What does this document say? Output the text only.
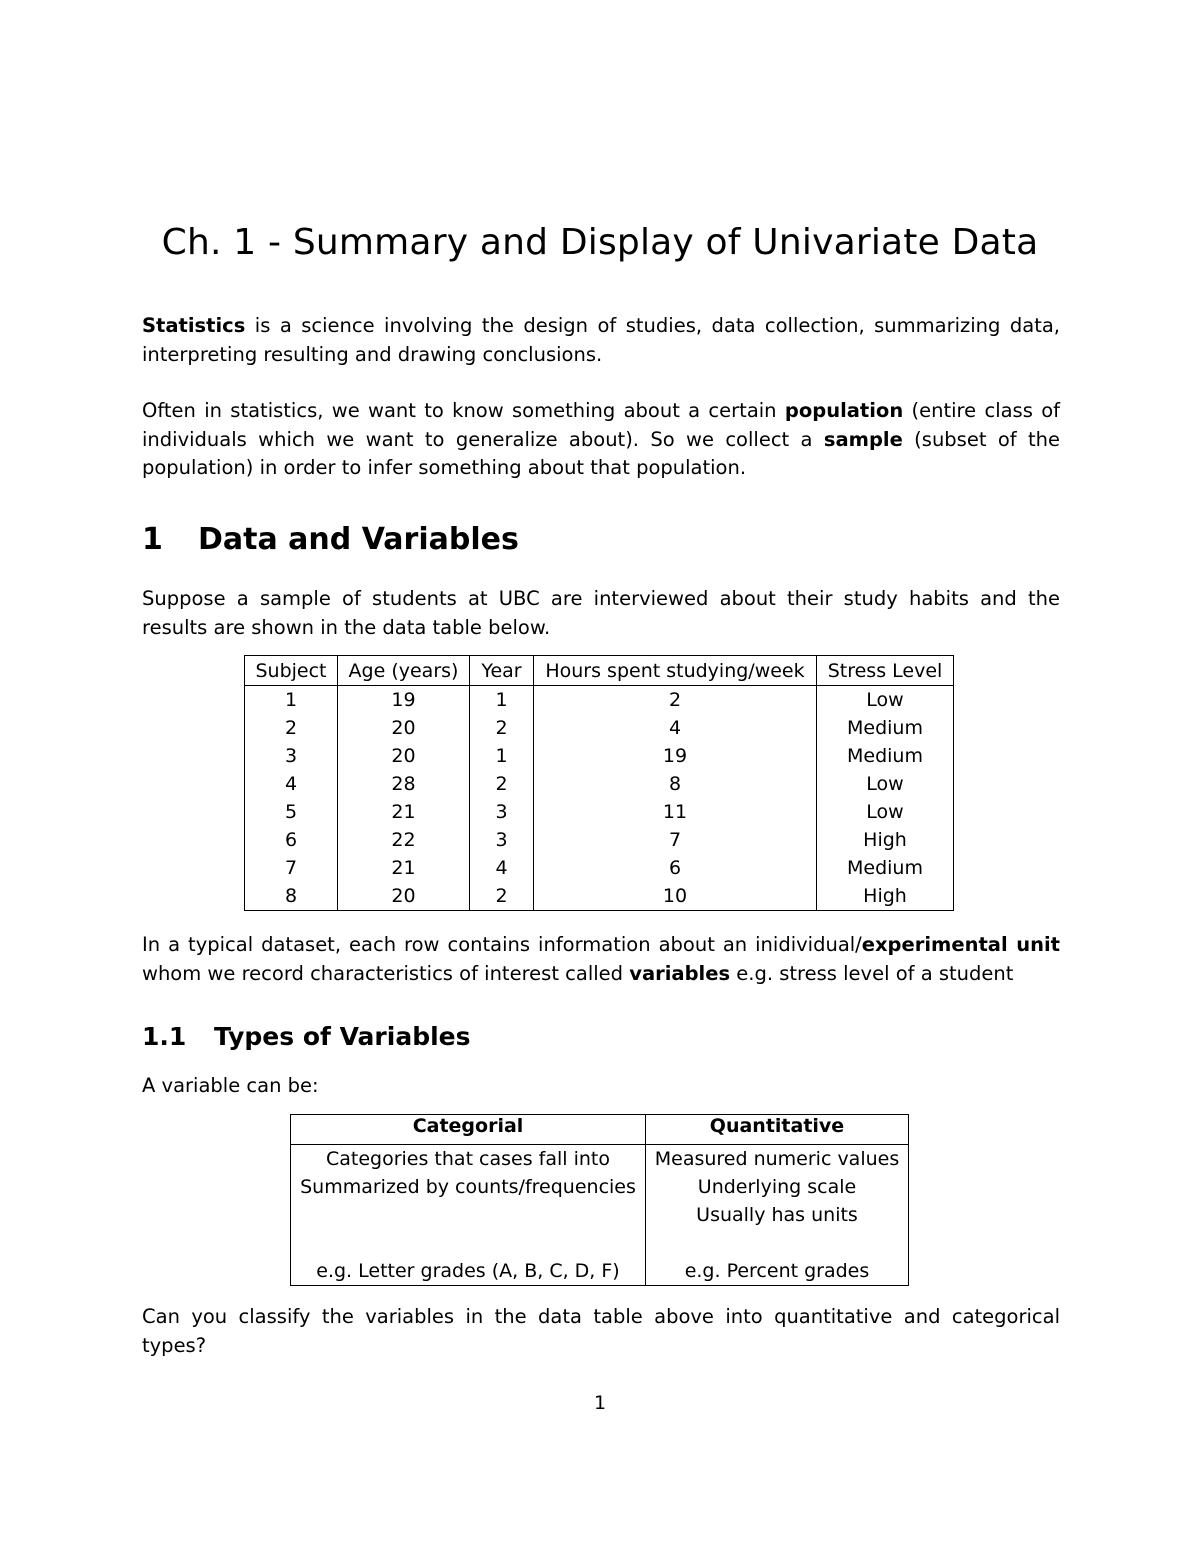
Ch. 1 - Summary and Display of Univariate Data

Statistics is a science involving the design of studies, data collection, summarizing data, interpreting resulting and drawing conclusions.

Often in statistics, we want to know something about a certain population (entire class of individuals which we want to generalize about). So we collect a sample (subset of the population) in order to infer something about that population.

1 Data and Variables

Suppose a sample of students at UBC are interviewed about their study habits and the results are shown in the data table below.

Subject	Age (years)	Year	Hours spent studying/week	Stress Level
1	19	1	2	Low
2	20	2	4	Medium
3	20	1	19	Medium
4	28	2	8	Low
5	21	3	11	Low
6	22	3	7	High
7	21	4	6	Medium
8	20	2	10	High

In a typical dataset, each row contains information about an inidividual/experimental unit whom we record characteristics of interest called variables e.g. stress level of a student

1.1 Types of Variables

A variable can be:

Categorial	Quantitative
Categories that cases fall into	Measured numeric values
Summarized by counts/frequencies	Underlying scale
	Usually has units

e.g. Letter grades (A, B, C, D, F)	e.g. Percent grades

Can you classify the variables in the data table above into quantitative and categorical types?

1
